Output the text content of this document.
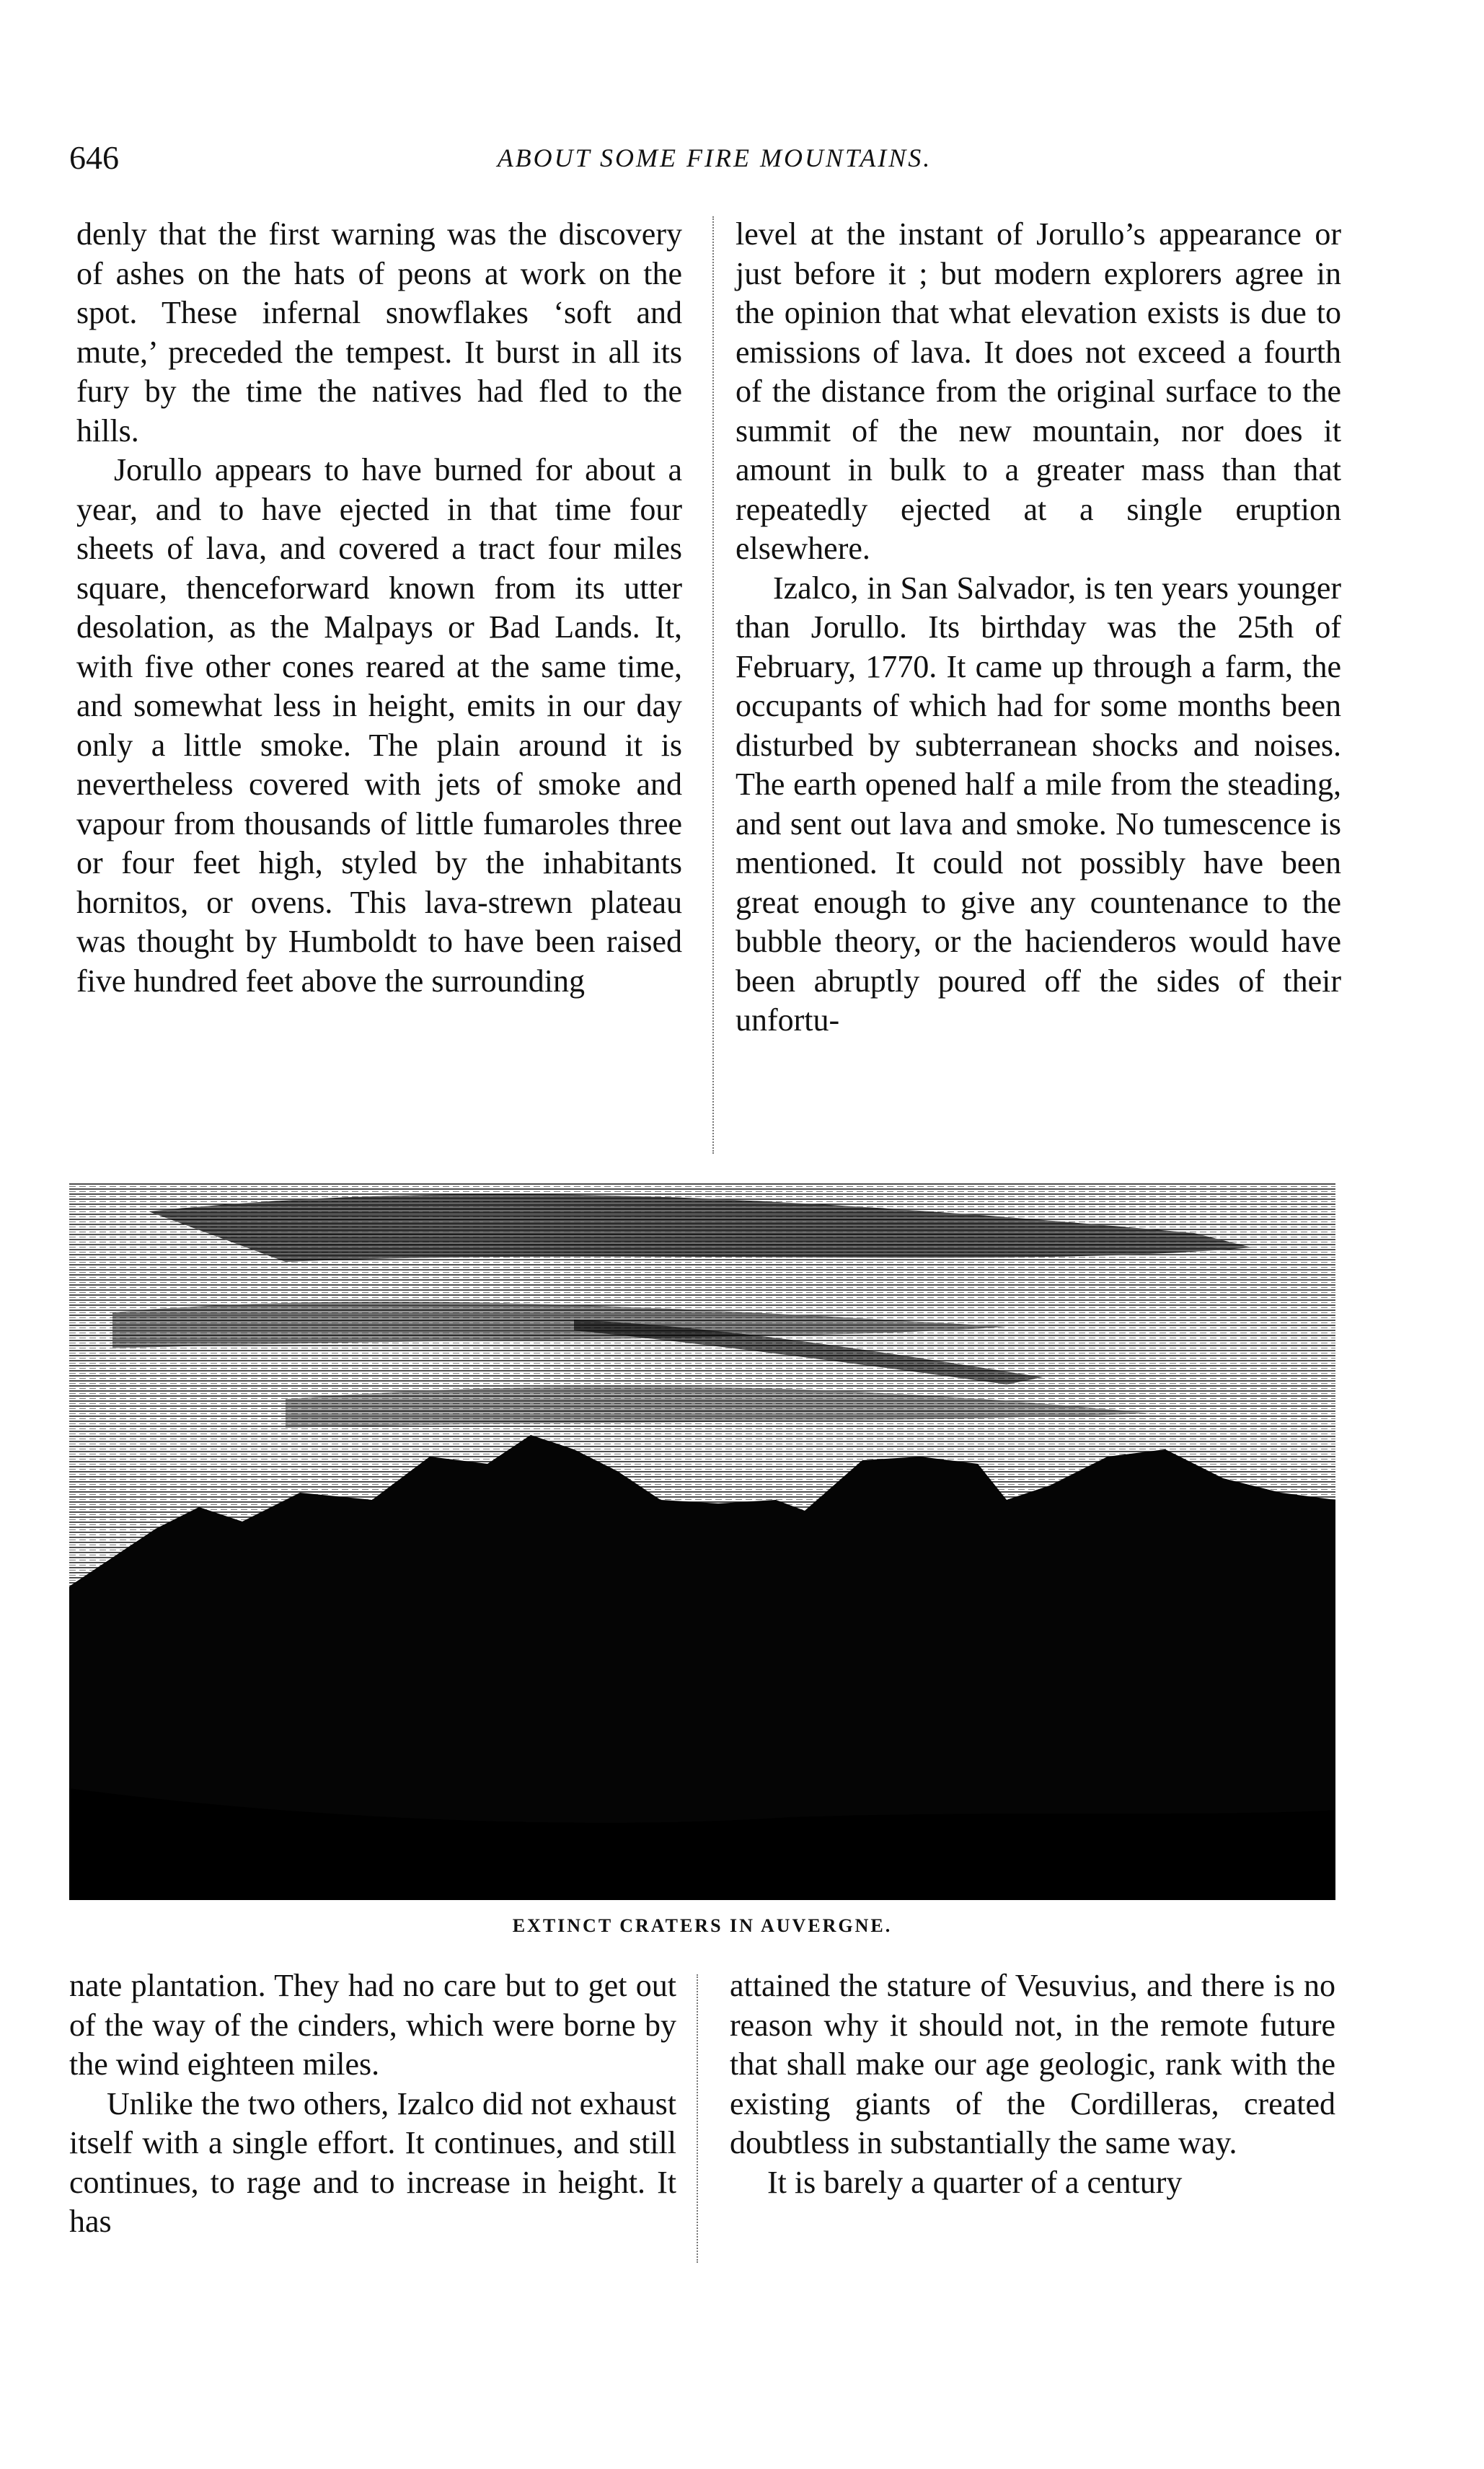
646	ABOUT SOME FIRE MOUNTAINS.

denly that the first warning was the discovery of ashes on the hats of peons at work on the spot. These infernal snowflakes ‘soft and mute,’ preceded the tempest. It burst in all its fury by the time the natives had fled to the hills.

Jorullo appears to have burned for about a year, and to have ejected in that time four sheets of lava, and covered a tract four miles square, thenceforward known from its utter desolation, as the Malpays or Bad Lands. It, with five other cones reared at the same time, and somewhat less in height, emits in our day only a little smoke. The plain around it is nevertheless covered with jets of smoke and vapour from thousands of little fumaroles three or four feet high, styled by the inhabitants hornitos, or ovens. This lava-strewn plateau was thought by Humboldt to have been raised five hundred feet above the surrounding

level at the instant of Jorullo’s appearance or just before it ; but modern explorers agree in the opinion that what elevation exists is due to emissions of lava. It does not exceed a fourth of the distance from the original surface to the summit of the new mountain, nor does it amount in bulk to a greater mass than that repeatedly ejected at a single eruption elsewhere.

Izalco, in San Salvador, is ten years younger than Jorullo. Its birthday was the 25th of February, 1770. It came up through a farm, the occupants of which had for some months been disturbed by subterranean shocks and noises. The earth opened half a mile from the steading, and sent out lava and smoke. No tumescence is mentioned. It could not possibly have been great enough to give any countenance to the bubble theory, or the hacienderos would have been abruptly poured off the sides of their unfortu-

EXTINCT CRATERS IN AUVERGNE.

nate plantation. They had no care but to get out of the way of the cinders, which were borne by the wind eighteen miles.

Unlike the two others, Izalco did not exhaust itself with a single effort. It continues, and still continues, to rage and to increase in height. It has

attained the stature of Vesuvius, and there is no reason why it should not, in the remote future that shall make our age geologic, rank with the existing giants of the Cordilleras, created doubtless in substantially the same way.

It is barely a quarter of a century
